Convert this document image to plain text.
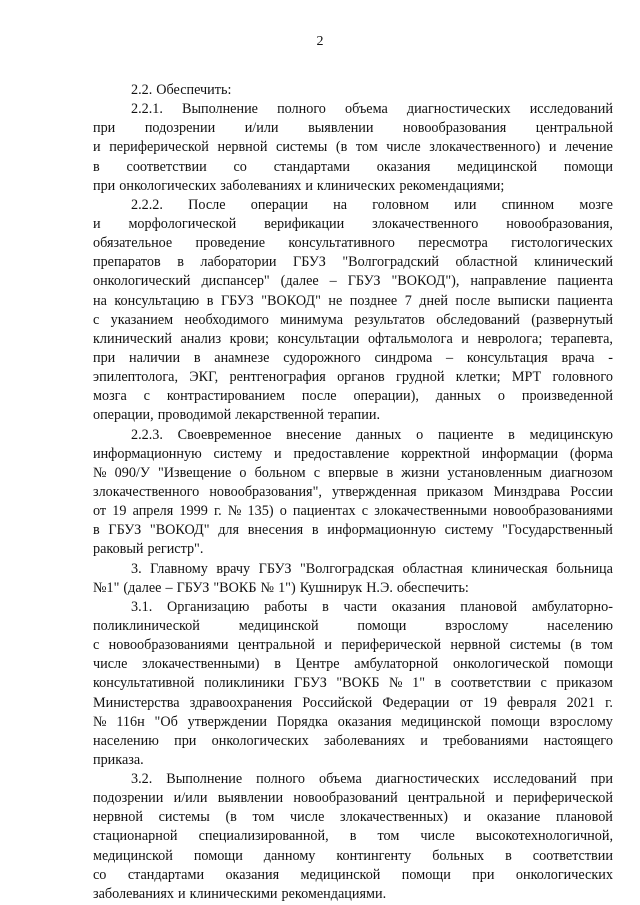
2
2.2. Обеспечить:
2.2.1. Выполнение полного объема диагностических исследований
при подозрении и/или выявлении новообразования центральной
и периферической нервной системы (в том числе злокачественного) и лечение
в соответствии со стандартами оказания медицинской помощи
при онкологических заболеваниях и клинических рекомендациями;
2.2.2. После операции на головном или спинном мозге
и морфологической верификации злокачественного новообразования,
обязательное проведение консультативного пересмотра гистологических
препаратов в лаборатории ГБУЗ "Волгоградский областной клинический
онкологический диспансер" (далее – ГБУЗ "ВОКОД"), направление пациента
на консультацию в ГБУЗ "ВОКОД" не позднее 7 дней после выписки пациента
с указанием необходимого минимума результатов обследований (развернутый
клинический анализ крови; консультации офтальмолога и невролога; терапевта,
при наличии в анамнезе судорожного синдрома – консультация врача -
эпилептолога, ЭКГ, рентгенография органов грудной клетки; МРТ головного
мозга с контрастированием после операции), данных о произведенной
операции, проводимой лекарственной терапии.
2.2.3. Своевременное внесение данных о пациенте в медицинскую
информационную систему и предоставление корректной информации (форма
№ 090/У "Извещение о больном с впервые в жизни установленным диагнозом
злокачественного новообразования", утвержденная приказом Минздрава России
от 19 апреля 1999 г. № 135) о пациентах с злокачественными новообразованиями
в ГБУЗ "ВОКОД" для внесения в информационную систему "Государственный
раковый регистр".
3. Главному врачу ГБУЗ "Волгоградская областная клиническая больница
№1" (далее – ГБУЗ "ВОКБ № 1") Кушнирук Н.Э. обеспечить:
3.1. Организацию работы в части оказания плановой амбулаторно-
поликлинической	медицинской	помощи	взрослому	населению
с новообразованиями центральной и периферической нервной системы (в том
числе злокачественными) в Центре амбулаторной онкологической помощи
консультативной поликлиники ГБУЗ "ВОКБ № 1" в соответствии с приказом
Министерства здравоохранения Российской Федерации от 19 февраля 2021 г.
№ 116н "Об утверждении Порядка оказания медицинской помощи взрослому
населению при онкологических заболеваниях и требованиями настоящего
приказа.
3.2. Выполнение полного объема диагностических исследований при
подозрении и/или выявлении новообразований центральной и периферической
нервной системы (в том числе злокачественных) и оказание плановой
стационарной специализированной, в том числе высокотехнологичной,
медицинской помощи данному контингенту больных в соответствии
со стандартами оказания медицинской помощи при онкологических
заболеваниях и клиническими рекомендациями.
